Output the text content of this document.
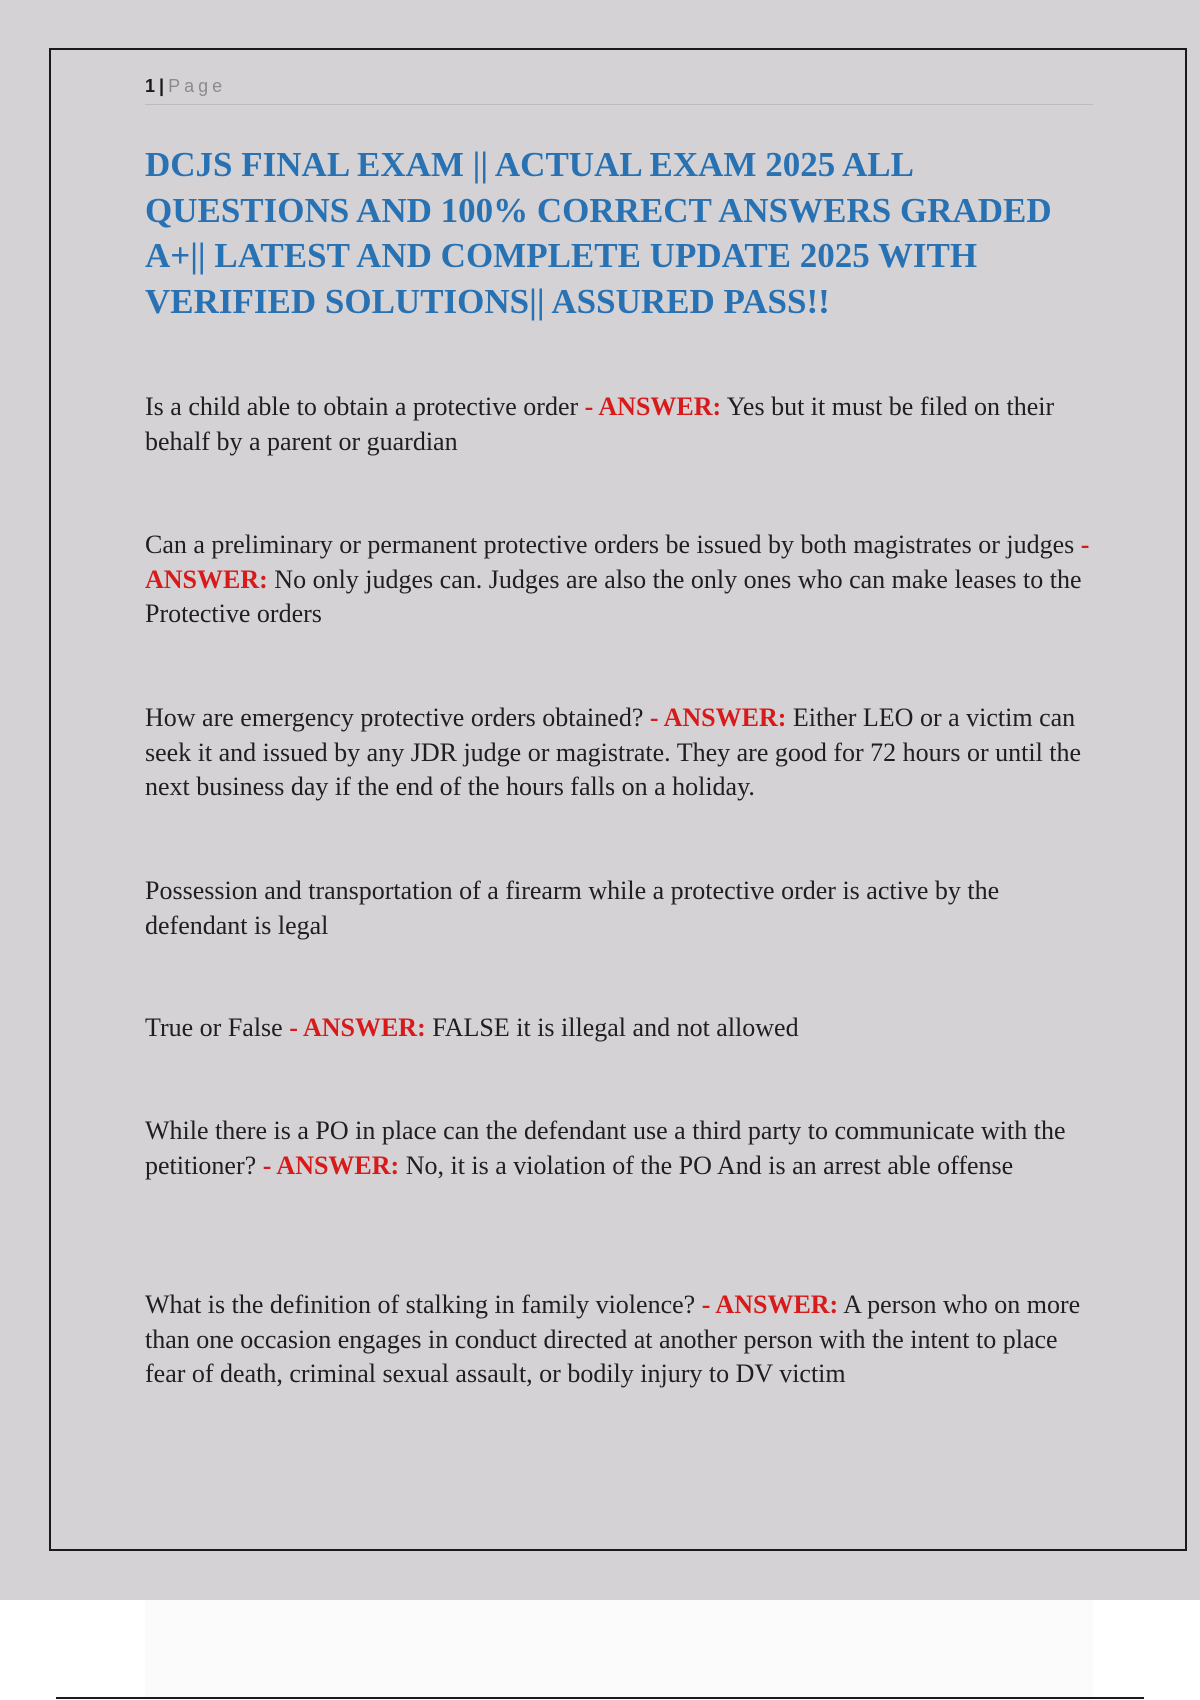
1 | Page
DCJS FINAL EXAM || ACTUAL EXAM 2025 ALL QUESTIONS AND 100% CORRECT ANSWERS GRADED A+|| LATEST AND COMPLETE UPDATE 2025 WITH VERIFIED SOLUTIONS|| ASSURED PASS!!

Is a child able to obtain a protective order - ANSWER: Yes but it must be filed on their behalf by a parent or guardian

Can a preliminary or permanent protective orders be issued by both magistrates or judges - ANSWER: No only judges can. Judges are also the only ones who can make leases to the Protective orders

How are emergency protective orders obtained? - ANSWER: Either LEO or a victim can seek it and issued by any JDR judge or magistrate. They are good for 72 hours or until the next business day if the end of the hours falls on a holiday.

Possession and transportation of a firearm while a protective order is active by the defendant is legal

True or False - ANSWER: FALSE it is illegal and not allowed

While there is a PO in place can the defendant use a third party to communicate with the petitioner? - ANSWER: No, it is a violation of the PO And is an arrest able offense

What is the definition of stalking in family violence? - ANSWER: A person who on more than one occasion engages in conduct directed at another person with the intent to place fear of death, criminal sexual assault, or bodily injury to DV victim
